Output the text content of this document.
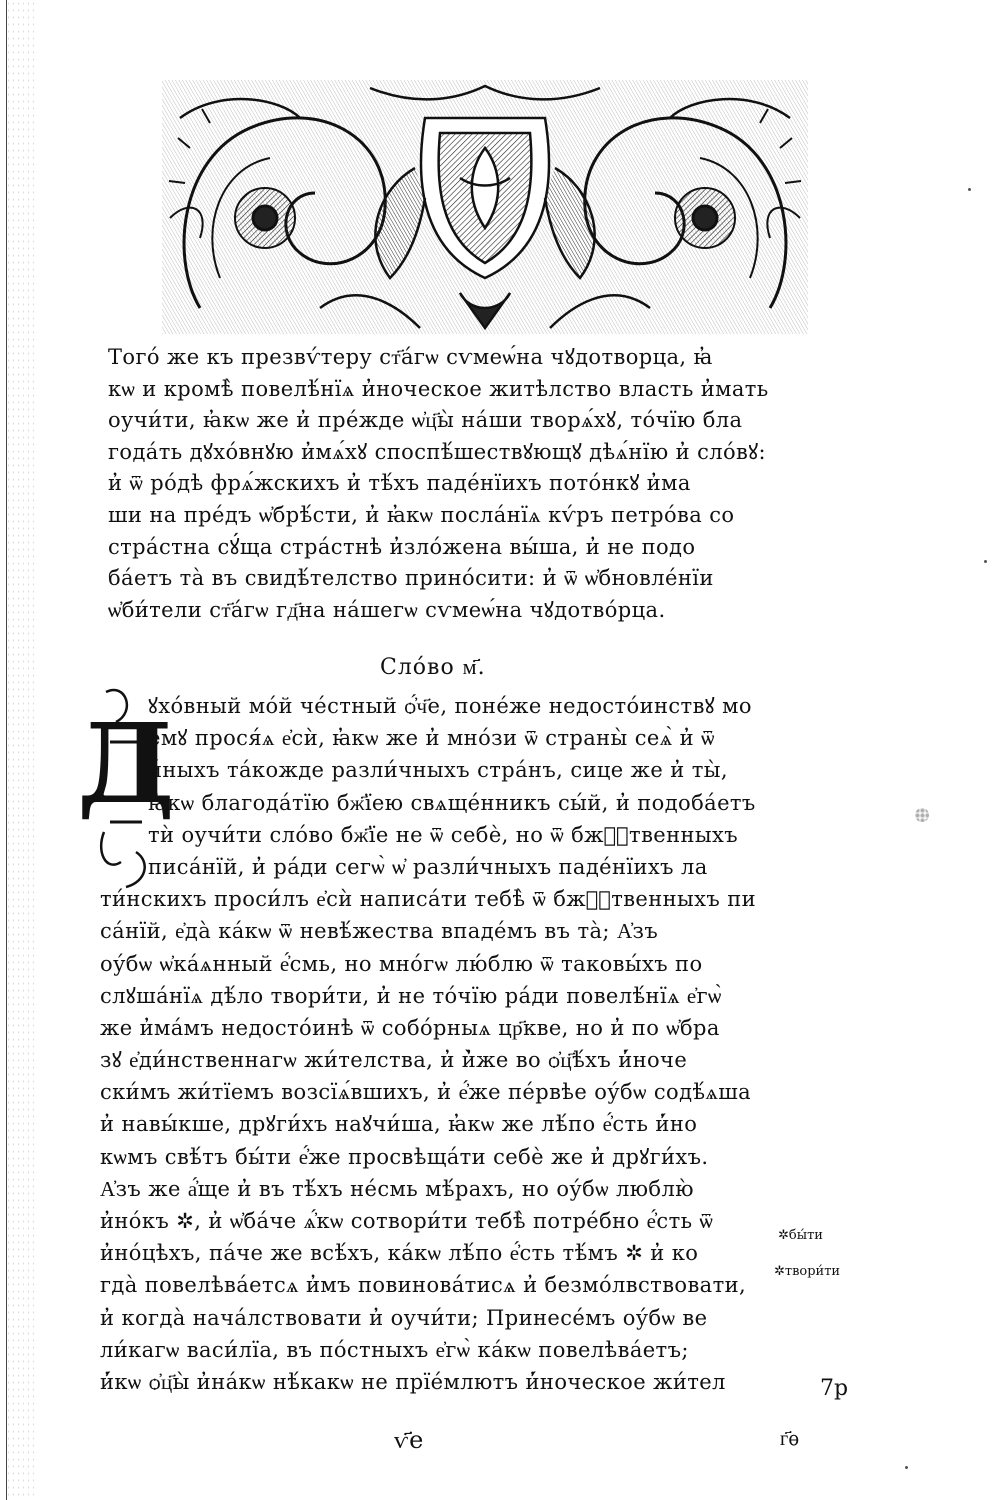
Того́ же къ презвѵ́теру ст҃а́гѡ сѵмеѡ́на чꙋдотворца, ꙗ̓
кѡ и кромѣ̀ повелѣ́нїѧ и̓ноческое житѣлство власть и̓мать
оучи́ти, ꙗ̓кѡ же и̓ пре́жде ѡ҆ц҃ы̀ на́ши творѧ́хꙋ, то́чїю бла
года́ть дꙋхо́внꙋю и̓мѧ́хꙋ споспѣ́шествꙋющꙋ дѣѧ́нїю и̓ сло́вꙋ:
и̓ ѿ ро́дѣ фрѧ́жскихъ и̓ тѣ́хъ паде́нїихъ пото́нкꙋ и̓ма
ши на пре́дъ ѡ҆брѣ́сти, и̓ ꙗ̓кѡ посла́нїѧ кѵ́ръ петро́ва со
стра́стна сꙋ́ща стра́стнѣ и̓зло́жена вы́ша, и̓ не подо
ба́етъ та̀ въ свидѣ́телство прино́сити: и̓ ѿ ѡ҆бновле́нїи
ѡ҆би́тели ст҃а́гѡ гд҃на на́шегѡ сѵмеѡ́на чꙋдотво́рца.
Сло́во м҃.
Д
ꙋхо́вный мо́й че́стный ѻ҆́ч҃е, поне́же недосто́инствꙋ мо
емꙋ прося́ѧ е҆сѝ, ꙗ̓кѡ же и̓ мно́зи ѿ страны̀ сеѧ̀ и̓ ѿ
и̓́ныхъ та́кожде разли́чныхъ стра́нъ, сице же и̓ ты̀,
ꙗ̓кѡ благода́тїю бж҃їею свѧще́нникъ сы́й, и̓ подоба́етъ
тѝ оучи́ти сло́во бж҃їе не ѿ себѐ, но ѿ бжⷭ҇твенныхъ
писа́нїй, и̓ ра́ди сегѡ̀ ѡ҆ разли́чныхъ паде́нїихъ ла
ти́нскихъ проси́лъ е҆сѝ написа́ти тебѣ̀ ѿ бжⷭ҇твенныхъ пи
са́нїй, е҆дà ка́кѡ ѿ невѣ́жества впаде́мъ въ та̀; А҆зъ
оу́бѡ ѡ҆ка́ѧнный е҆́смь, но мно́гѡ лю́блю ѿ таковы́хъ по
слꙋша́нїѧ дѣ́ло твори́ти, и̓ не то́чїю ра́ди повелѣ́нїѧ е҆гѡ̀
же и̓ма́мъ недосто́инѣ ѿ собо́рныѧ цр҃кве, но и̓ по ѡ҆бра
зꙋ е҆ди́нственнагѡ жи́телства, и̓ и̓̀же во ѻ҆ц҃ѣ́хъ и̓́ноче
ски́мъ жи́тїемъ возсїѧ́вшихъ, и̓ е҆́же пе́рвѣе оу́бѡ содѣ́ѧша
и̓ навы́кше, дрꙋги́хъ наꙋчи́ша, ꙗ̓кѡ же лѣ́по е҆́сть и̓́но
кѡмъ свѣ́тъ бы́ти е҆́же просвѣща́ти себѐ же и̓ дрꙋги́хъ.
А҆зъ же а҆́ще и̓ въ тѣ́хъ не́смь мѣ́рахъ, но оу́бѡ люблю̀
и̓но́къ ✲, и̓ ѡ҆ба́че ѧ҆́кѡ сотвори́ти тебѣ̀ потре́бно е҆́сть ѿ
и̓но́цѣхъ, па́че же всѣ́хъ, ка́кѡ лѣ́по е҆́сть тѣ́мъ ✲ и̓ ко
гда̀ повелѣва́етсѧ и̓мъ повинова́тисѧ и̓ безмо́лвствовати,
и̓ когда̀ нача́лствовати и̓ оучи́ти; Принесе́мъ оу́бѡ ве
ли́кагѡ васи́лїа, въ по́стныхъ е҆гѡ̀ ка́кѡ повелѣва́етъ;
и̓́кѡ ѻ҆ц҃ы̀ и̓на́кѡ нѣ́какѡ не прїе́млютъ и̓́ноческое жи́тел
✲бы́ти
✲твори́ти
7р
ѵ҃е	г҃ѳ
